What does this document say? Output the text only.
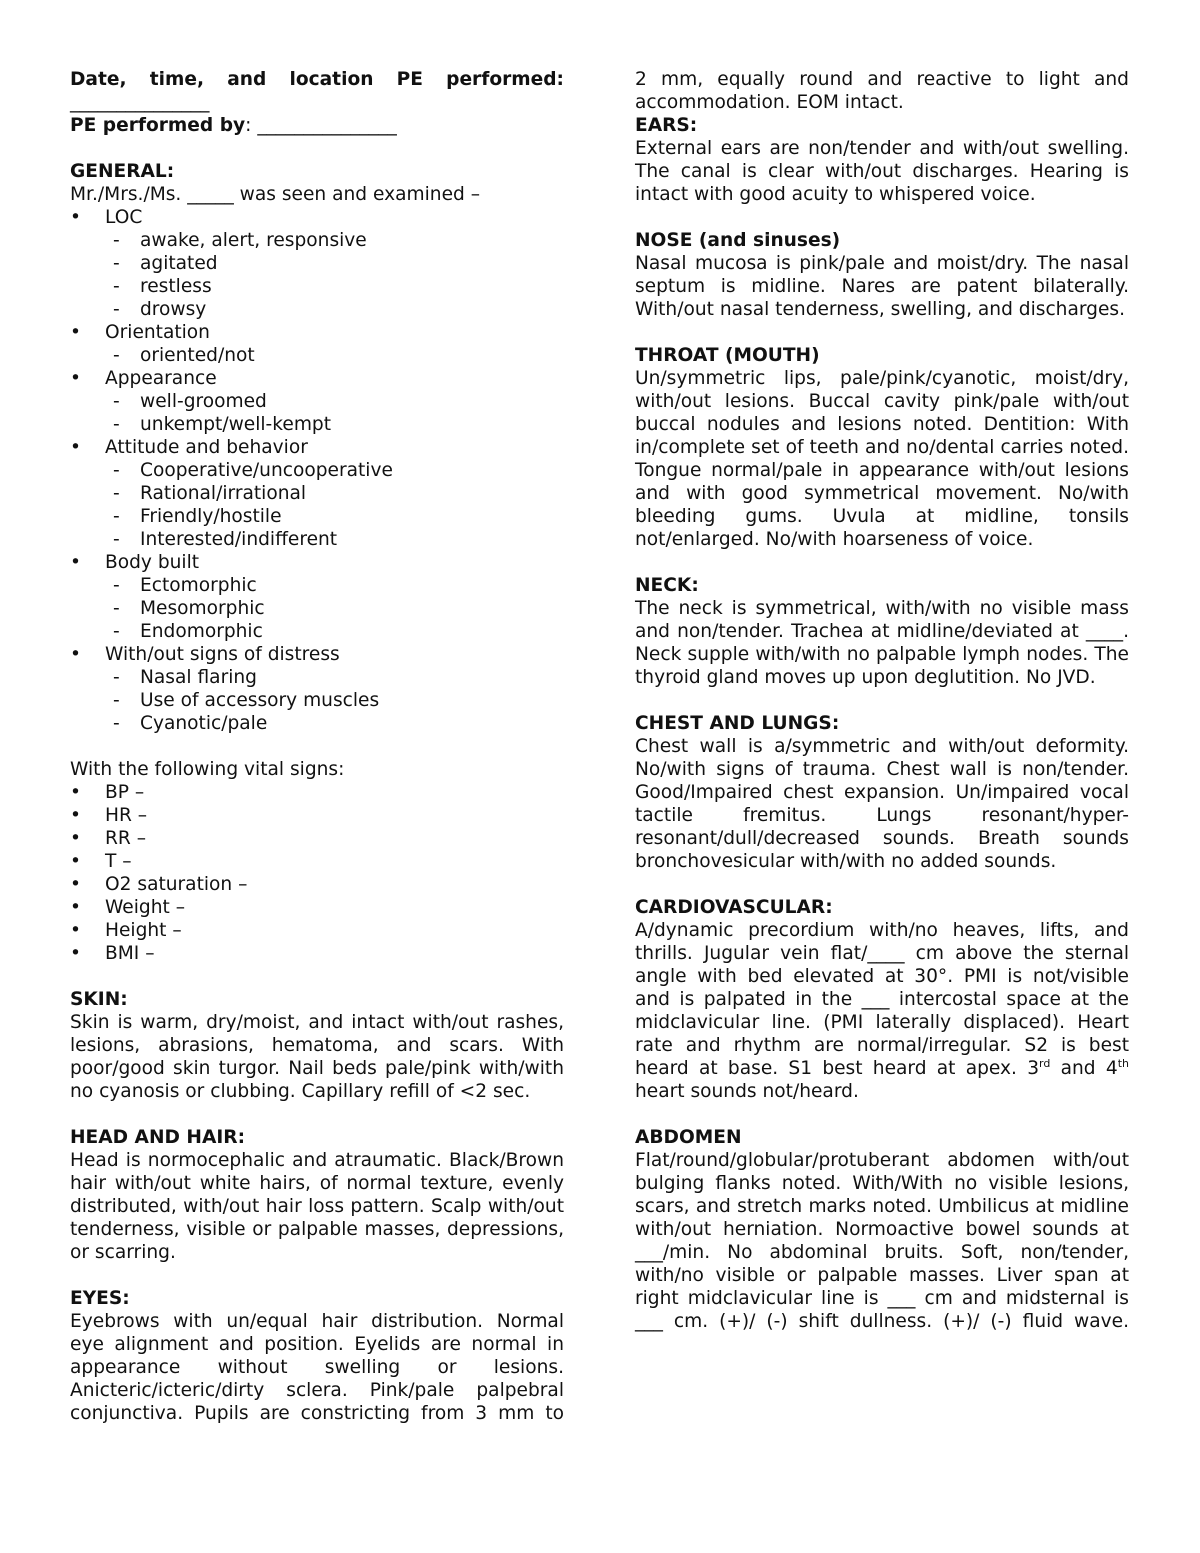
Date, time, and location PE performed:
_______________
PE performed by: _______________
GENERAL:
Mr./Mrs./Ms. _____ was seen and examined –
• LOC
- awake, alert, responsive
- agitated
- restless
- drowsy
• Orientation
- oriented/not
• Appearance
- well-groomed
- unkempt/well-kempt
• Attitude and behavior
- Cooperative/uncooperative
- Rational/irrational
- Friendly/hostile
- Interested/indifferent
• Body built
- Ectomorphic
- Mesomorphic
- Endomorphic
• With/out signs of distress
- Nasal flaring
- Use of accessory muscles
- Cyanotic/pale
With the following vital signs:
• BP –
• HR –
• RR –
• T –
• O2 saturation –
• Weight –
• Height –
• BMI –
SKIN:
Skin is warm, dry/moist, and intact with/out rashes, lesions, abrasions, hematoma, and scars. With poor/good skin turgor. Nail beds pale/pink with/with no cyanosis or clubbing. Capillary refill of <2 sec.
HEAD AND HAIR:
Head is normocephalic and atraumatic. Black/Brown hair with/out white hairs, of normal texture, evenly distributed, with/out hair loss pattern. Scalp with/out tenderness, visible or palpable masses, depressions, or scarring.
EYES:
Eyebrows with un/equal hair distribution. Normal eye alignment and position. Eyelids are normal in appearance without swelling or lesions. Anicteric/icteric/dirty sclera. Pink/pale palpebral conjunctiva. Pupils are constricting from 3 mm to
2 mm, equally round and reactive to light and accommodation. EOM intact.
EARS:
External ears are non/tender and with/out swelling. The canal is clear with/out discharges. Hearing is intact with good acuity to whispered voice.
NOSE (and sinuses)
Nasal mucosa is pink/pale and moist/dry. The nasal septum is midline. Nares are patent bilaterally. With/out nasal tenderness, swelling, and discharges.
THROAT (MOUTH)
Un/symmetric lips, pale/pink/cyanotic, moist/dry, with/out lesions. Buccal cavity pink/pale with/out buccal nodules and lesions noted. Dentition: With in/complete set of teeth and no/dental carries noted. Tongue normal/pale in appearance with/out lesions and with good symmetrical movement. No/with bleeding gums. Uvula at midline, tonsils not/enlarged. No/with hoarseness of voice.
NECK:
The neck is symmetrical, with/with no visible mass and non/tender. Trachea at midline/deviated at ____. Neck supple with/with no palpable lymph nodes. The thyroid gland moves up upon deglutition. No JVD.
CHEST AND LUNGS:
Chest wall is a/symmetric and with/out deformity. No/with signs of trauma. Chest wall is non/tender. Good/Impaired chest expansion. Un/impaired vocal tactile fremitus. Lungs resonant/hyper-resonant/dull/decreased sounds. Breath sounds bronchovesicular with/with no added sounds.
CARDIOVASCULAR:
A/dynamic precordium with/no heaves, lifts, and thrills. Jugular vein flat/____ cm above the sternal angle with bed elevated at 30°. PMI is not/visible and is palpated in the ___ intercostal space at the midclavicular line. (PMI laterally displaced). Heart rate and rhythm are normal/irregular. S2 is best heard at base. S1 best heard at apex. 3rd and 4th heart sounds not/heard.
ABDOMEN
Flat/round/globular/protuberant abdomen with/out bulging flanks noted. With/With no visible lesions, scars, and stretch marks noted. Umbilicus at midline with/out herniation. Normoactive bowel sounds at ___/min. No abdominal bruits. Soft, non/tender, with/no visible or palpable masses. Liver span at right midclavicular line is ___ cm and midsternal is ___ cm. (+)/ (-) shift dullness. (+)/ (-) fluid wave.
